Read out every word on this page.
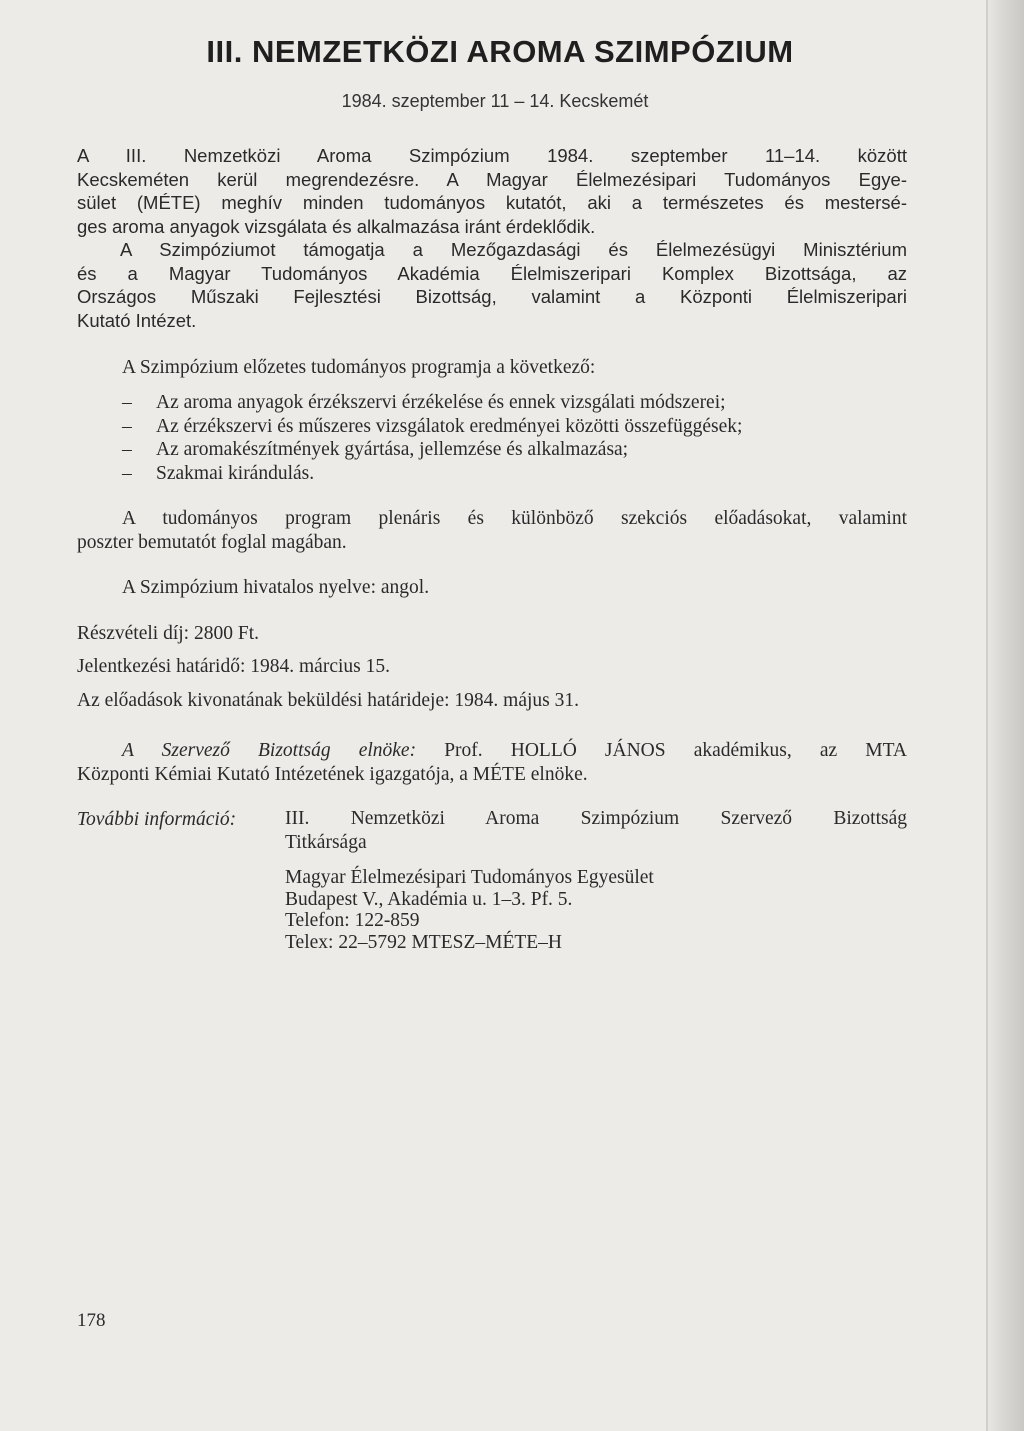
III. NEMZETKÖZI AROMA SZIMPÓZIUM
1984. szeptember 11 – 14. Kecskemét
A III. Nemzetközi Aroma Szimpózium 1984. szeptember 11–14. között
Kecskeméten kerül megrendezésre. A Magyar Élelmezésipari Tudományos Egye-
sület (MÉTE) meghív minden tudományos kutatót, aki a természetes és mestersé-
ges aroma anyagok vizsgálata és alkalmazása iránt érdeklődik.
A Szimpóziumot támogatja a Mezőgazdasági és Élelmezésügyi Minisztérium
és a Magyar Tudományos Akadémia Élelmiszeripari Komplex Bizottsága, az
Országos Műszaki Fejlesztési Bizottság, valamint a Központi Élelmiszeripari
Kutató Intézet.
A Szimpózium előzetes tudományos programja a következő:
–	Az aroma anyagok érzékszervi érzékelése és ennek vizsgálati módszerei;
–	Az érzékszervi és műszeres vizsgálatok eredményei közötti összefüggések;
–	Az aromakészítmények gyártása, jellemzése és alkalmazása;
–	Szakmai kirándulás.
A tudományos program plenáris és különböző szekciós előadásokat, valamint
poszter bemutatót foglal magában.
A Szimpózium hivatalos nyelve: angol.
Részvételi díj: 2800 Ft.
Jelentkezési határidő: 1984. március 15.
Az előadások kivonatának beküldési határideje: 1984. május 31.
A Szervező Bizottság elnöke: Prof. HOLLÓ JÁNOS akadémikus, az MTA
Központi Kémiai Kutató Intézetének igazgatója, a MÉTE elnöke.
További információ:	III. Nemzetközi Aroma Szimpózium Szervező Bizottság
Titkársága
Magyar Élelmezésipari Tudományos Egyesület
Budapest V., Akadémia u. 1–3. Pf. 5.
Telefon: 122-859
Telex: 22–5792 MTESZ–MÉTE–H
178
